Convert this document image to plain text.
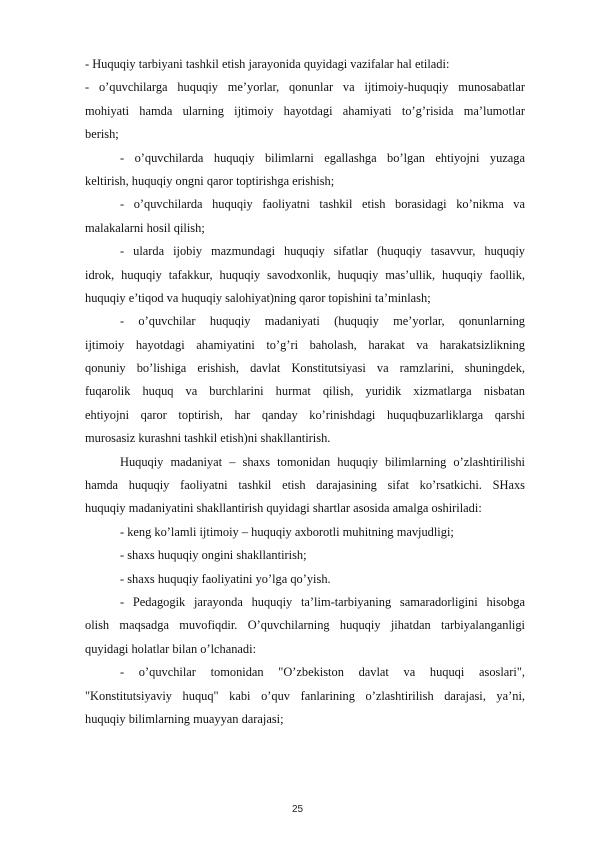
- Huquqiy tarbiyani tashkil etish jarayonida quyidagi vazifalar hal etiladi:
- o’quvchilarga huquqiy me’yorlar, qonunlar va ijtimoiy-huquqiy munosabatlar
mohiyati hamda ularning ijtimoiy hayotdagi ahamiyati to’g’risida ma’lumotlar
berish;
- o’quvchilarda huquqiy bilimlarni egallashga bo’lgan ehtiyojni yuzaga
keltirish, huquqiy ongni qaror toptirishga erishish;
- o’quvchilarda huquqiy faoliyatni tashkil etish borasidagi ko’nikma va
malakalarni hosil qilish;
- ularda ijobiy mazmundagi huquqiy sifatlar (huquqiy tasavvur, huquqiy
idrok, huquqiy tafakkur, huquqiy savodxonlik, huquqiy mas’ullik, huquqiy faollik,
huquqiy e’tiqod va huquqiy salohiyat)ning qaror topishini ta’minlash;
- o’quvchilar huquqiy madaniyati (huquqiy me’yorlar, qonunlarning
ijtimoiy hayotdagi ahamiyatini to’g’ri baholash, harakat va harakatsizlikning
qonuniy bo’lishiga erishish, davlat Konstitutsiyasi va ramzlarini, shuningdek,
fuqarolik huquq va burchlarini hurmat qilish, yuridik xizmatlarga nisbatan
ehtiyojni qaror toptirish, har qanday ko’rinishdagi huquqbuzarliklarga qarshi
murosasiz kurashni tashkil etish)ni shakllantirish.
Huquqiy madaniyat – shaxs tomonidan huquqiy bilimlarning o’zlashtirilishi
hamda huquqiy faoliyatni tashkil etish darajasining sifat ko’rsatkichi. SHaxs
huquqiy madaniyatini shakllantirish quyidagi shartlar asosida amalga oshiriladi:
- keng ko’lamli ijtimoiy – huquqiy axborotli muhitning mavjudligi;
- shaxs huquqiy ongini shakllantirish;
- shaxs huquqiy faoliyatini yo’lga qo’yish.
- Pedagogik jarayonda huquqiy ta’lim-tarbiyaning samaradorligini hisobga
olish maqsadga muvofiqdir. O’quvchilarning huquqiy jihatdan tarbiyalanganligi
quyidagi holatlar bilan o’lchanadi:
- o’quvchilar tomonidan "O’zbekiston davlat va huquqi asoslari",
"Konstitutsiyaviy huquq" kabi o’quv fanlarining o’zlashtirilish darajasi, ya’ni,
huquqiy bilimlarning muayyan darajasi;
25
